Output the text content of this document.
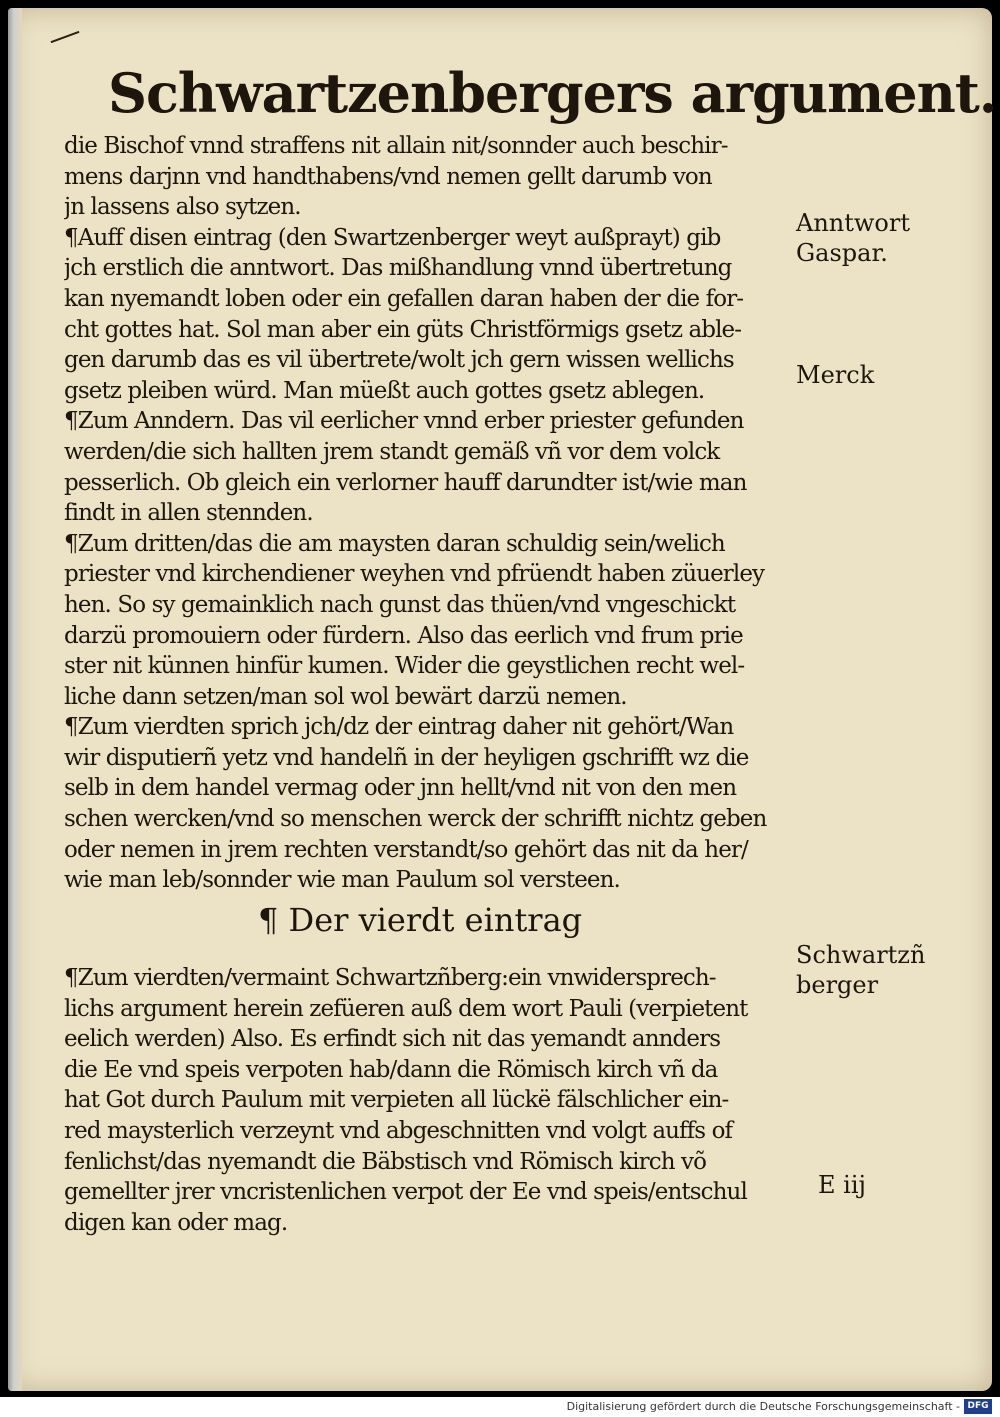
Schwartzenbergers argument.
die Bischof vnnd straffens nit allain nit/sonnder auch beschir-
mens darjnn vnd handthabens/vnd nemen gellt darumb von
jn lassens also sytzen.
¶Auff disen eintrag (den Swartzenberger weyt außprayt) gib
jch erstlich die anntwort. Das mißhandlung vnnd übertretung
kan nyemandt loben oder ein gefallen daran haben der die for-
cht gottes hat. Sol man aber ein güts Christförmigs gsetz able-
gen darumb das es vil übertrete/wolt jch gern wissen wellichs
gsetz pleiben würd. Man müeßt auch gottes gsetz ablegen.
¶Zum Anndern. Das vil eerlicher vnnd erber priester gefunden
werden/die sich hallten jrem standt gemäß vñ vor dem volck
pesserlich. Ob gleich ein verlorner hauff darundter ist/wie man
findt in allen stennden.
¶Zum dritten/das die am maysten daran schuldig sein/welich
priester vnd kirchendiener weyhen vnd pfrüendt haben züuerley
hen. So sy gemainklich nach gunst das thüen/vnd vngeschickt
darzü promouiern oder fürdern. Also das eerlich vnd frum prie
ster nit künnen hinfür kumen. Wider die geystlichen recht wel-
liche dann setzen/man sol wol bewärt darzü nemen.
¶Zum vierdten sprich jch/dz der eintrag daher nit gehört/Wan
wir disputierñ yetz vnd handelñ in der heyligen gschrifft wz die
selb in dem handel vermag oder jnn hellt/vnd nit von den men
schen wercken/vnd so menschen werck der schrifft nichtz geben
oder nemen in jrem rechten verstandt/so gehört das nit da her/
wie man leb/sonnder wie man Paulum sol versteen.
¶ Der vierdt eintrag
¶Zum vierdten/vermaint Schwartzñberg:ein vnwidersprech-
lichs argument herein zefüeren auß dem wort Pauli (verpietent
eelich werden) Also. Es erfindt sich nit das yemandt annders
die Ee vnd speis verpoten hab/dann die Römisch kirch vñ da
hat Got durch Paulum mit verpieten all lückë fälschlicher ein-
red maysterlich verzeynt vnd abgeschnitten vnd volgt auffs of
fenlichst/das nyemandt die Bäbstisch vnd Römisch kirch võ
gemellter jrer vncristenlichen verpot der Ee vnd speis/entschul
digen kan oder mag.
Anntwort
Gaspar.
Merck
Schwartzñ
berger
E iij
Digitalisierung gefördert durch die Deutsche Forschungsgemeinschaft - DFG
